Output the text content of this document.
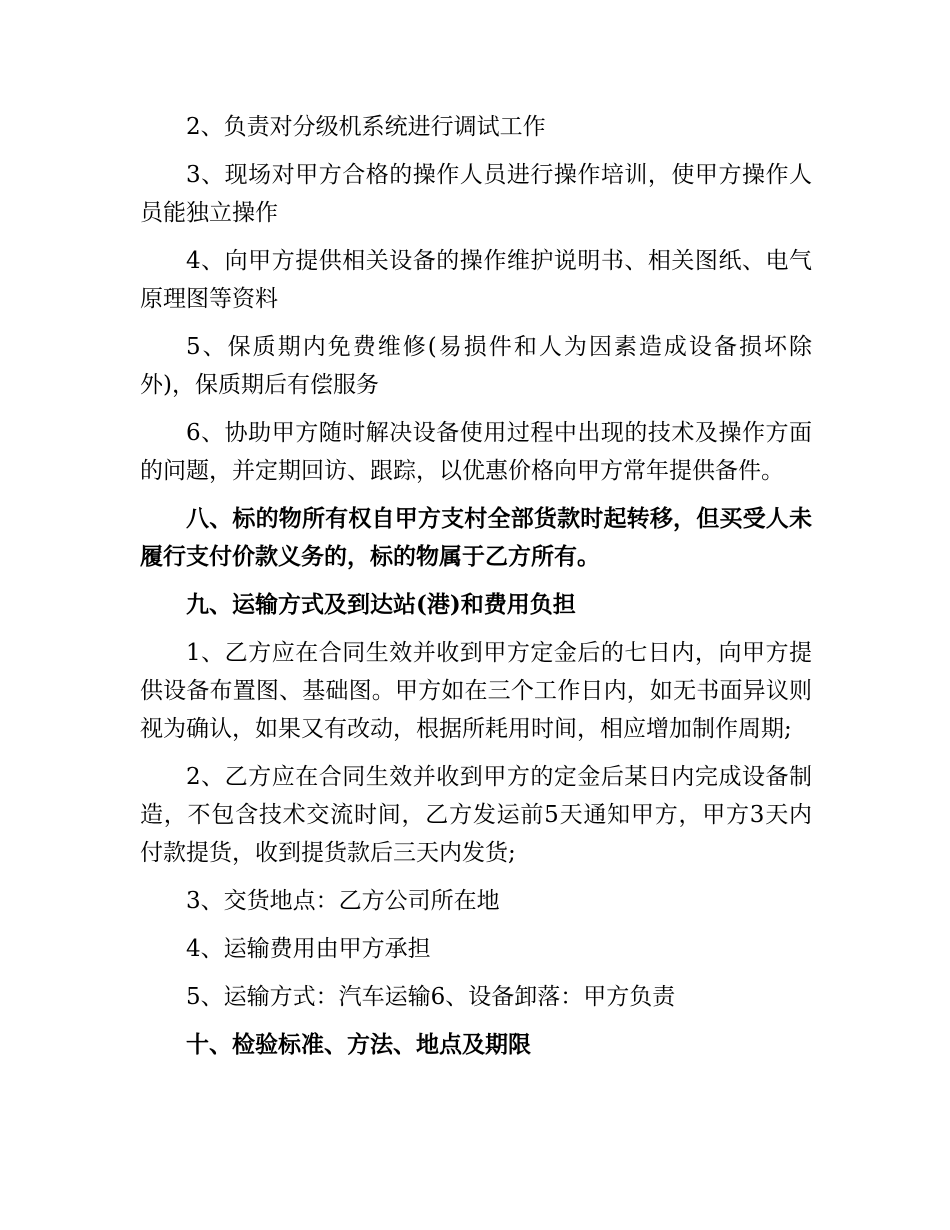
2、负责对分级机系统进行调试工作

3、现场对甲方合格的操作人员进行操作培训，使甲方操作人员能独立操作

4、向甲方提供相关设备的操作维护说明书、相关图纸、电气原理图等资料

5、保质期内免费维修(易损件和人为因素造成设备损坏除外)，保质期后有偿服务

6、协助甲方随时解决设备使用过程中出现的技术及操作方面的问题，并定期回访、跟踪，以优惠价格向甲方常年提供备件。

八、标的物所有权自甲方支村全部货款时起转移，但买受人未履行支付价款义务的，标的物属于乙方所有。

九、运输方式及到达站(港)和费用负担

1、乙方应在合同生效并收到甲方定金后的七日内，向甲方提供设备布置图、基础图。甲方如在三个工作日内，如无书面异议则视为确认，如果又有改动，根据所耗用时间，相应增加制作周期;

2、乙方应在合同生效并收到甲方的定金后某日内完成设备制造，不包含技术交流时间，乙方发运前5天通知甲方，甲方3天内付款提货，收到提货款后三天内发货;

3、交货地点：乙方公司所在地

4、运输费用由甲方承担

5、运输方式：汽车运输6、设备卸落：甲方负责

十、检验标准、方法、地点及期限
